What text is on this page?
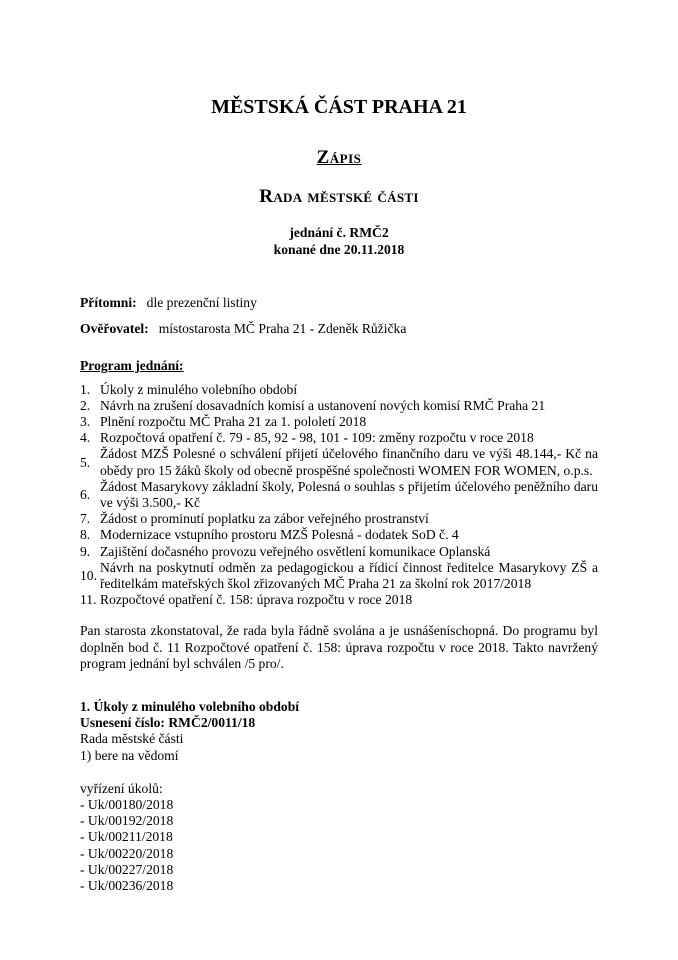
MĚSTSKÁ ČÁST PRAHA 21
Zápis
Rada městské části
jednání č. RMČ2
konané dne 20.11.2018
Přítomni: dle prezenční listiny
Ověřovatel: místostarosta MČ Praha 21 - Zdeněk Růžička
Program jednání:
1. Úkoly z minulého volebního období
2. Návrh na zrušení dosavadních komisí a ustanovení nových komisí RMČ Praha 21
3. Plnění rozpočtu MČ Praha 21 za 1. pololetí 2018
4. Rozpočtová opatření č. 79 - 85, 92 - 98, 101 - 109: změny rozpočtu v roce 2018
5.
Žádost MZŠ Polesné o schválení přijetí účelového finančního daru ve výši 48.144,- Kč na obědy pro 15 žáků školy od obecně prospěšné společnosti WOMEN FOR WOMEN, o.p.s.
6.
Žádost Masarykovy základní školy, Polesná o souhlas s přijetím účelového peněžního daru ve výši 3.500,- Kč
7. Žádost o prominutí poplatku za zábor veřejného prostranství
8. Modernizace vstupního prostoru MZŠ Polesná - dodatek SoD č. 4
9. Zajištění dočasného provozu veřejného osvětlení komunikace Oplanská
10.
Návrh na poskytnutí odměn za pedagogickou a řídicí činnost ředitelce Masarykovy ZŠ a ředitelkám mateřských škol zřizovaných MČ Praha 21 za školní rok 2017/2018
11. Rozpočtové opatření č. 158: úprava rozpočtu v roce 2018

Pan starosta zkonstatoval, že rada byla řádně svolána a je usnášeníschopná. Do programu byl doplněn bod č. 11 Rozpočtové opatření č. 158: úprava rozpočtu v roce 2018. Takto navržený program jednání byl schválen /5 pro/.

1. Úkoly z minulého volebního období
Usnesení číslo: RMČ2/0011/18
Rada městské části
1) bere na vědomí
vyřízení úkolů:
- Uk/00180/2018
- Uk/00192/2018
- Uk/00211/2018
- Uk/00220/2018
- Uk/00227/2018
- Uk/00236/2018
